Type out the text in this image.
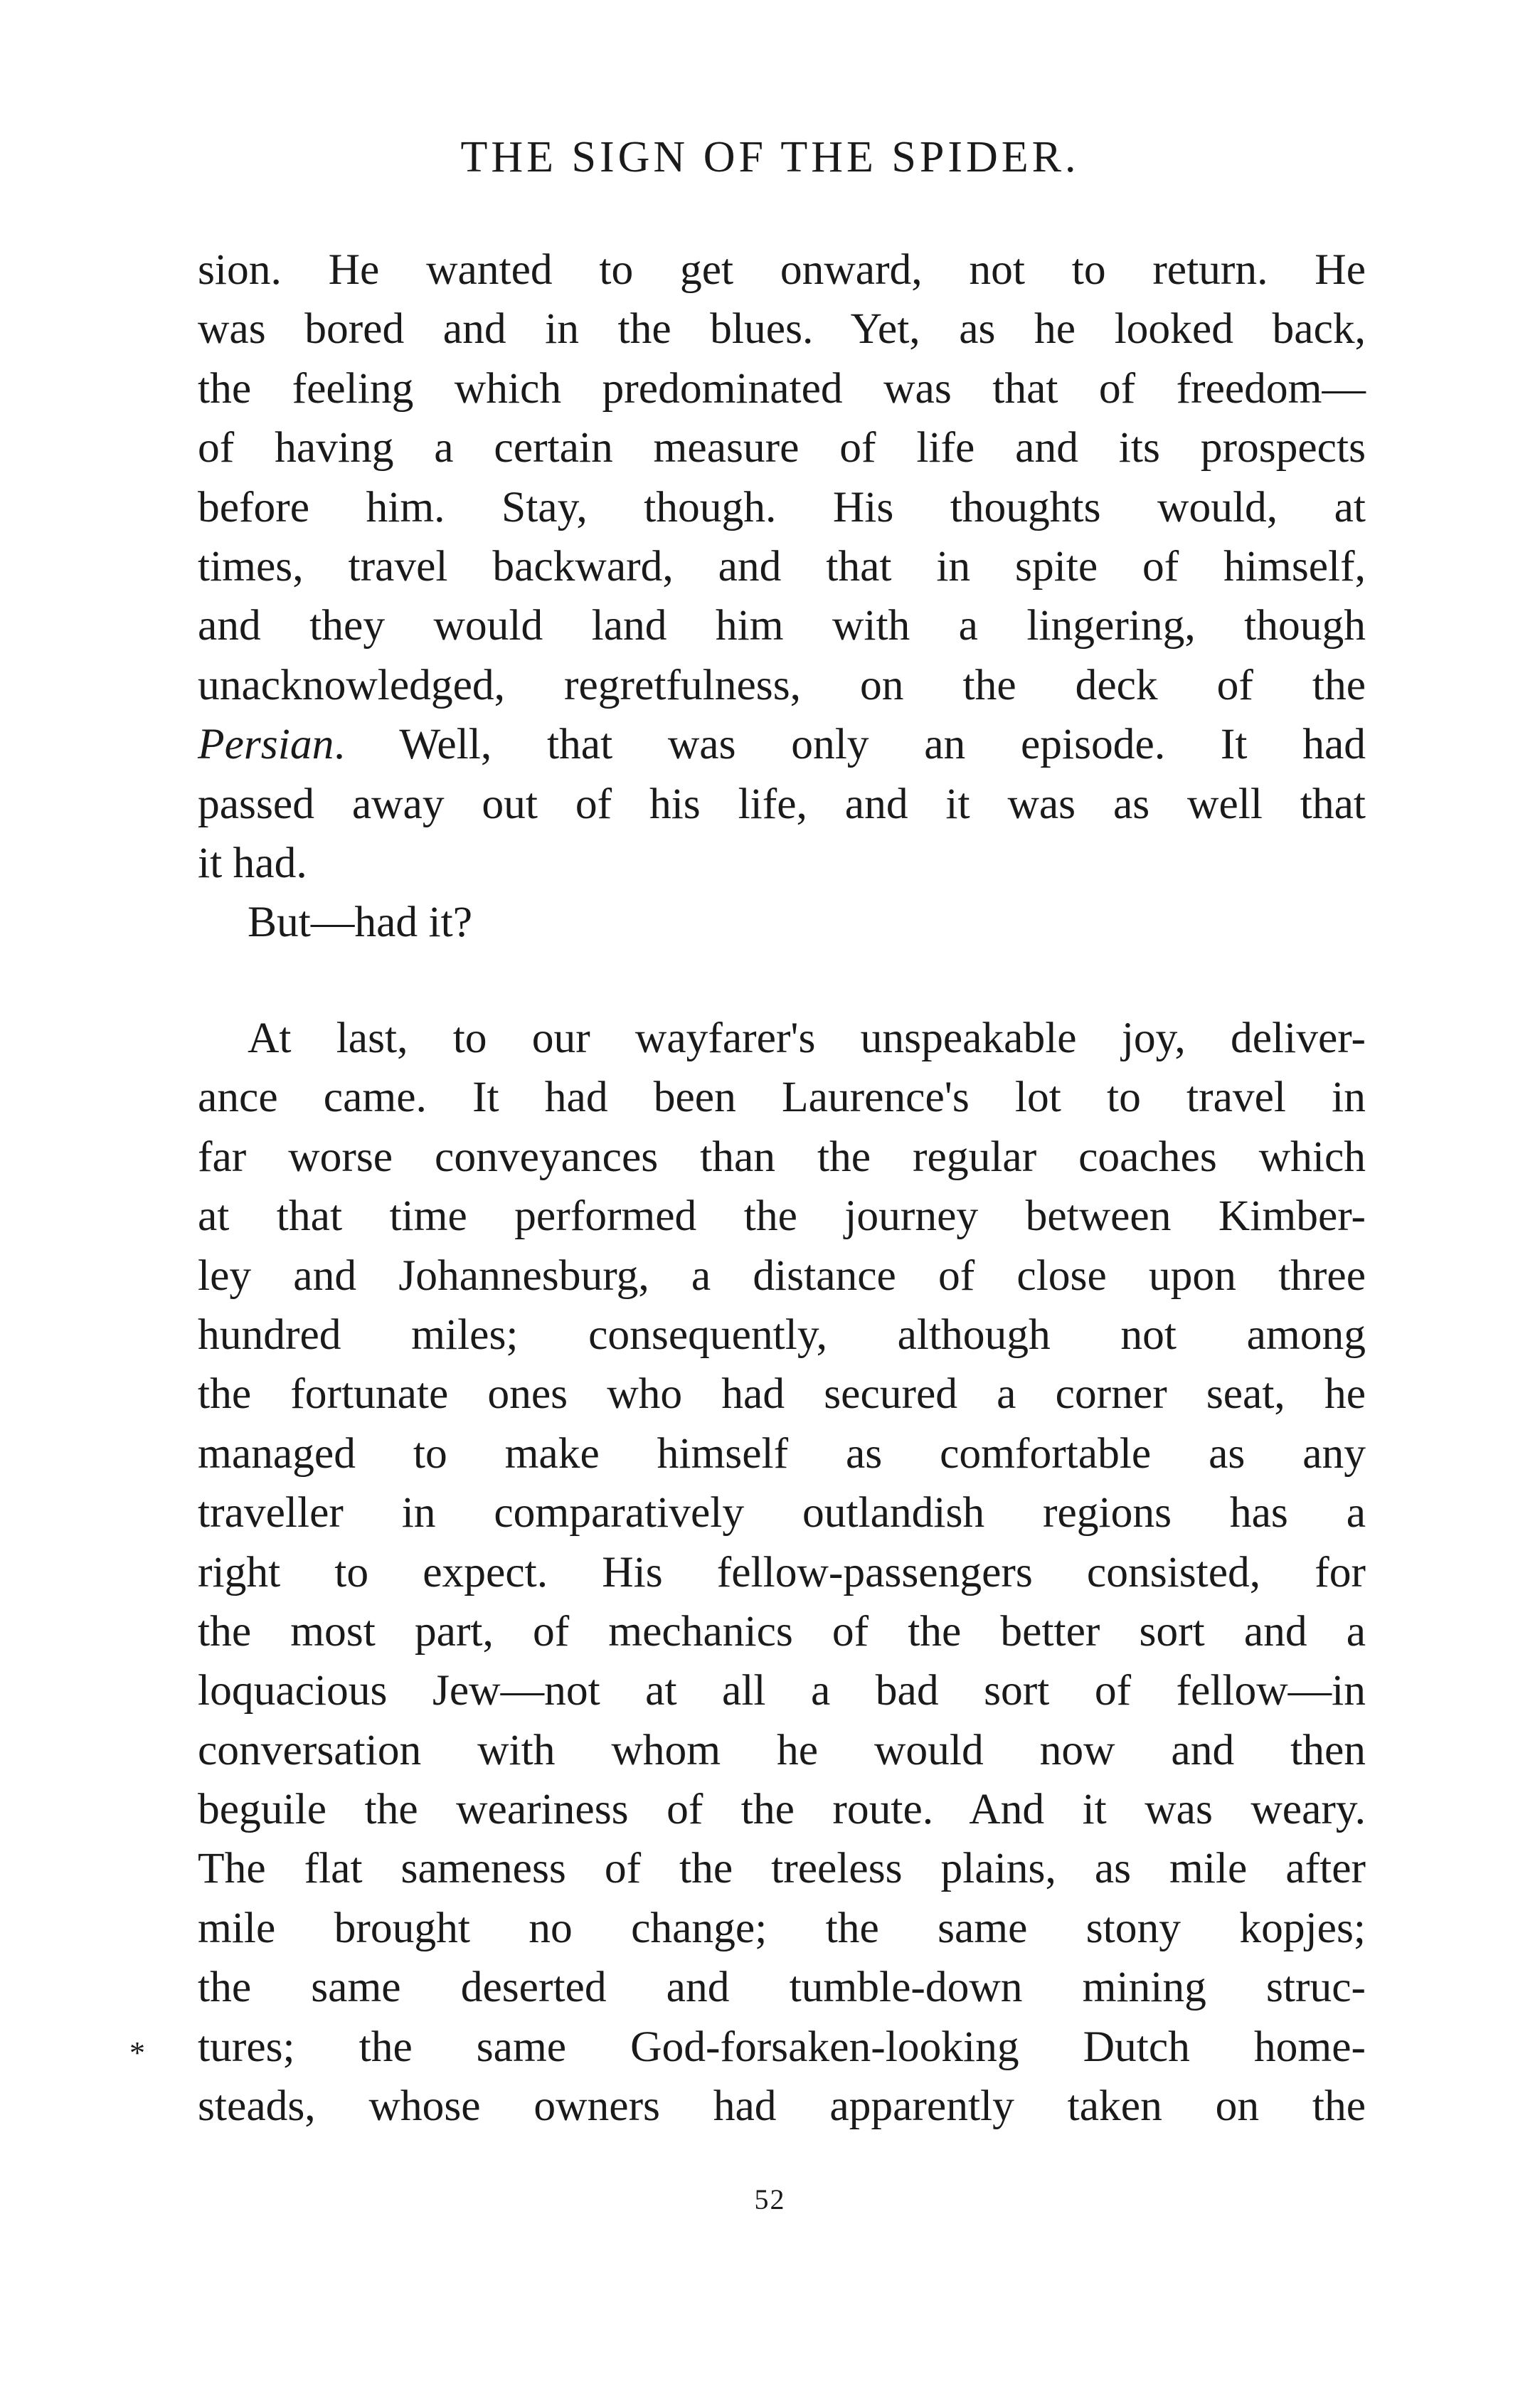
THE SIGN OF THE SPIDER.
sion. He wanted to get onward, not to return. He
was bored and in the blues. Yet, as he looked back,
the feeling which predominated was that of freedom—
of having a certain measure of life and its prospects
before him. Stay, though. His thoughts would, at
times, travel backward, and that in spite of himself,
and they would land him with a lingering, though
unacknowledged, regretfulness, on the deck of the
Persian. Well, that was only an episode. It had
passed away out of his life, and it was as well that
it had.
But—had it?
At last, to our wayfarer's unspeakable joy, deliver-
ance came. It had been Laurence's lot to travel in
far worse conveyances than the regular coaches which
at that time performed the journey between Kimber-
ley and Johannesburg, a distance of close upon three
hundred miles; consequently, although not among
the fortunate ones who had secured a corner seat, he
managed to make himself as comfortable as any
traveller in comparatively outlandish regions has a
right to expect. His fellow-passengers consisted, for
the most part, of mechanics of the better sort and a
loquacious Jew—not at all a bad sort of fellow—in
conversation with whom he would now and then
beguile the weariness of the route. And it was weary.
The flat sameness of the treeless plains, as mile after
mile brought no change; the same stony kopjes;
the same deserted and tumble-down mining struc-
tures; the same God-forsaken-looking Dutch home-
steads, whose owners had apparently taken on the
*
52
